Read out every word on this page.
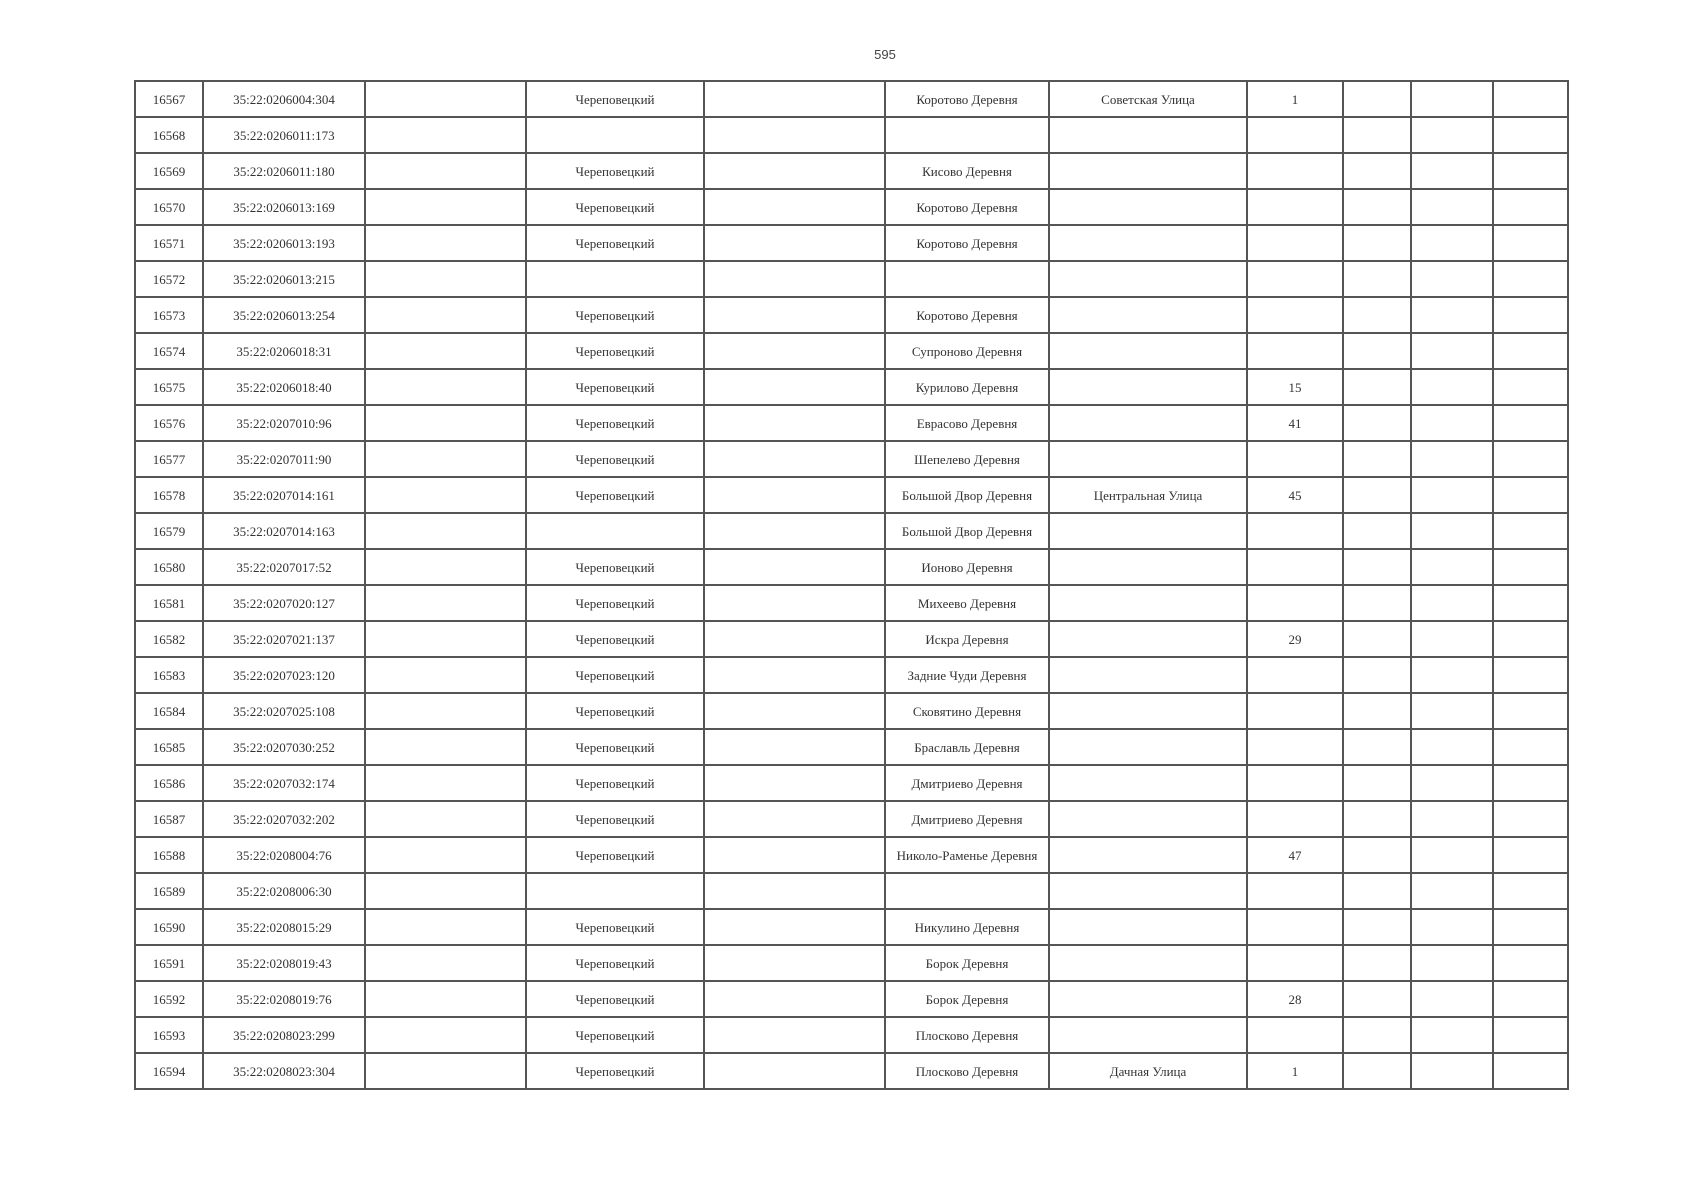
595
16567	35:22:0206004:304		Череповецкий		Коротово Деревня	Советская Улица	1			
16568	35:22:0206011:173									
16569	35:22:0206011:180		Череповецкий		Кисово Деревня					
16570	35:22:0206013:169		Череповецкий		Коротово Деревня					
16571	35:22:0206013:193		Череповецкий		Коротово Деревня					
16572	35:22:0206013:215									
16573	35:22:0206013:254		Череповецкий		Коротово Деревня					
16574	35:22:0206018:31		Череповецкий		Супроново Деревня					
16575	35:22:0206018:40		Череповецкий		Курилово Деревня		15			
16576	35:22:0207010:96		Череповецкий		Еврасово Деревня		41			
16577	35:22:0207011:90		Череповецкий		Шепелево Деревня					
16578	35:22:0207014:161		Череповецкий		Большой Двор Деревня	Центральная Улица	45			
16579	35:22:0207014:163				Большой Двор Деревня					
16580	35:22:0207017:52		Череповецкий		Ионово Деревня					
16581	35:22:0207020:127		Череповецкий		Михеево Деревня					
16582	35:22:0207021:137		Череповецкий		Искра Деревня		29			
16583	35:22:0207023:120		Череповецкий		Задние Чуди Деревня					
16584	35:22:0207025:108		Череповецкий		Сковятино Деревня					
16585	35:22:0207030:252		Череповецкий		Браславль Деревня					
16586	35:22:0207032:174		Череповецкий		Дмитриево Деревня					
16587	35:22:0207032:202		Череповецкий		Дмитриево Деревня					
16588	35:22:0208004:76		Череповецкий		Николо-Раменье Деревня		47			
16589	35:22:0208006:30									
16590	35:22:0208015:29		Череповецкий		Никулино Деревня					
16591	35:22:0208019:43		Череповецкий		Борок Деревня					
16592	35:22:0208019:76		Череповецкий		Борок Деревня		28			
16593	35:22:0208023:299		Череповецкий		Плосково Деревня					
16594	35:22:0208023:304		Череповецкий		Плосково Деревня	Дачная Улица	1			
